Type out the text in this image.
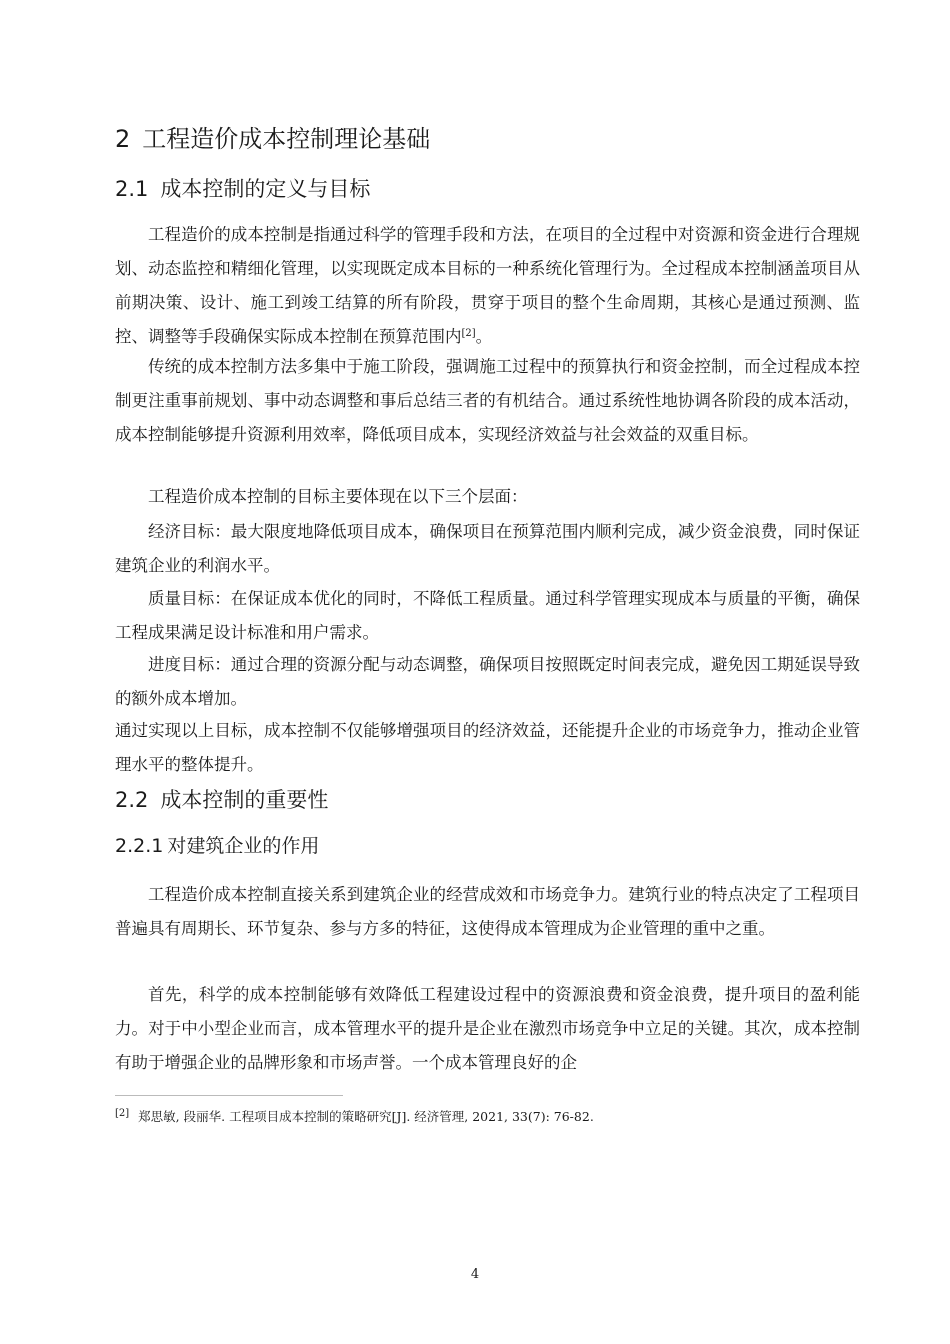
2 工程造价成本控制理论基础
2.1 成本控制的定义与目标

工程造价的成本控制是指通过科学的管理手段和方法，在项目的全过程中对资源和资金进行合理规划、动态监控和精细化管理，以实现既定成本目标的一种系统化管理行为。全过程成本控制涵盖项目从前期决策、设计、施工到竣工结算的所有阶段，贯穿于项目的整个生命周期，其核心是通过预测、监控、调整等手段确保实际成本控制在预算范围内[2]。

传统的成本控制方法多集中于施工阶段，强调施工过程中的预算执行和资金控制，而全过程成本控制更注重事前规划、事中动态调整和事后总结三者的有机结合。通过系统性地协调各阶段的成本活动，成本控制能够提升资源利用效率，降低项目成本，实现经济效益与社会效益的双重目标。

工程造价成本控制的目标主要体现在以下三个层面：

经济目标：最大限度地降低项目成本，确保项目在预算范围内顺利完成，减少资金浪费，同时保证建筑企业的利润水平。

质量目标：在保证成本优化的同时，不降低工程质量。通过科学管理实现成本与质量的平衡，确保工程成果满足设计标准和用户需求。

进度目标：通过合理的资源分配与动态调整，确保项目按照既定时间表完成，避免因工期延误导致的额外成本增加。

通过实现以上目标，成本控制不仅能够增强项目的经济效益，还能提升企业的市场竞争力，推动企业管理水平的整体提升。

2.2 成本控制的重要性
2.2.1 对建筑企业的作用

工程造价成本控制直接关系到建筑企业的经营成效和市场竞争力。建筑行业的特点决定了工程项目普遍具有周期长、环节复杂、参与方多的特征，这使得成本管理成为企业管理的重中之重。

首先，科学的成本控制能够有效降低工程建设过程中的资源浪费和资金浪费，提升项目的盈利能力。对于中小型企业而言，成本管理水平的提升是企业在激烈市场竞争中立足的关键。其次，成本控制有助于增强企业的品牌形象和市场声誉。一个成本管理良好的企

[2] 郑思敏, 段丽华. 工程项目成本控制的策略研究[J]. 经济管理, 2021, 33(7): 76-82.
4
